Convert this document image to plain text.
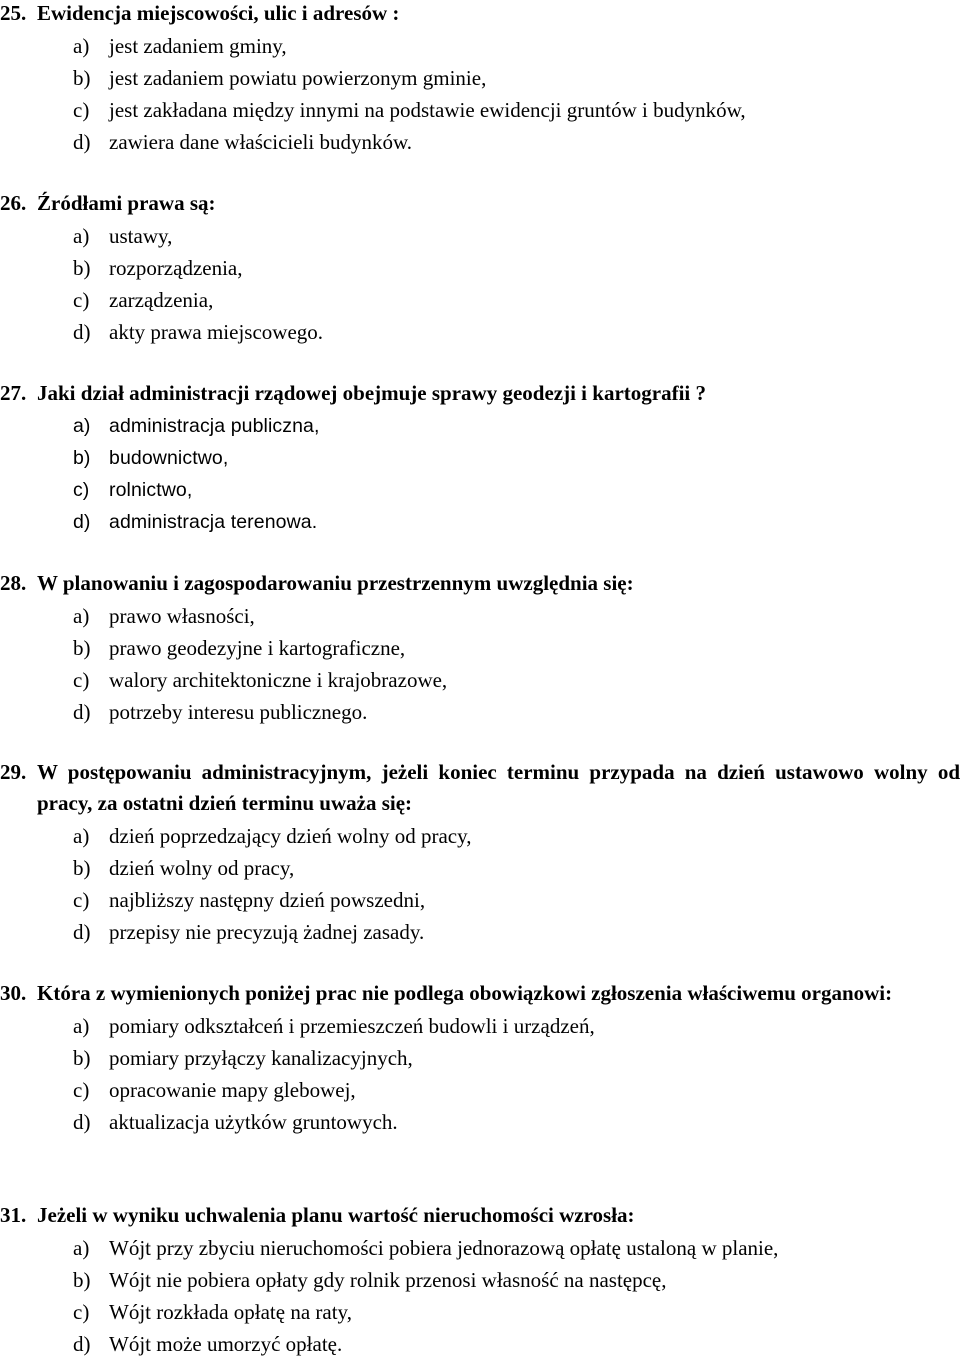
25. Ewidencja miejscowości, ulic i adresów :
a) jest zadaniem gminy,
b) jest zadaniem powiatu powierzonym gminie,
c) jest zakładana między innymi na podstawie ewidencji gruntów i budynków,
d) zawiera dane właścicieli budynków.
26. Źródłami prawa są:
a) ustawy,
b) rozporządzenia,
c) zarządzenia,
d) akty prawa miejscowego.
27. Jaki dział administracji rządowej obejmuje sprawy geodezji i kartografii ?
a) administracja publiczna,
b) budownictwo,
c) rolnictwo,
d) administracja terenowa.
28. W planowaniu i zagospodarowaniu przestrzennym uwzględnia się:
a) prawo własności,
b) prawo geodezyjne i kartograficzne,
c) walory architektoniczne i krajobrazowe,
d) potrzeby interesu publicznego.
29. W postępowaniu administracyjnym, jeżeli koniec terminu przypada na dzień ustawowo wolny od pracy, za ostatni dzień terminu uważa się:
a) dzień poprzedzający dzień wolny od pracy,
b) dzień wolny od pracy,
c) najbliższy następny dzień powszedni,
d) przepisy nie precyzują żadnej zasady.
30. Która z wymienionych poniżej prac nie podlega obowiązkowi zgłoszenia właściwemu organowi:
a) pomiary odkształceń i przemieszczeń budowli i urządzeń,
b) pomiary przyłączy kanalizacyjnych,
c) opracowanie mapy glebowej,
d) aktualizacja użytków gruntowych.
31. Jeżeli w wyniku uchwalenia planu wartość nieruchomości wzrosła:
a) Wójt przy zbyciu nieruchomości pobiera jednorazową opłatę ustaloną w planie,
b) Wójt nie pobiera opłaty gdy rolnik przenosi własność na następcę,
c) Wójt rozkłada opłatę na raty,
d) Wójt może umorzyć opłatę.
